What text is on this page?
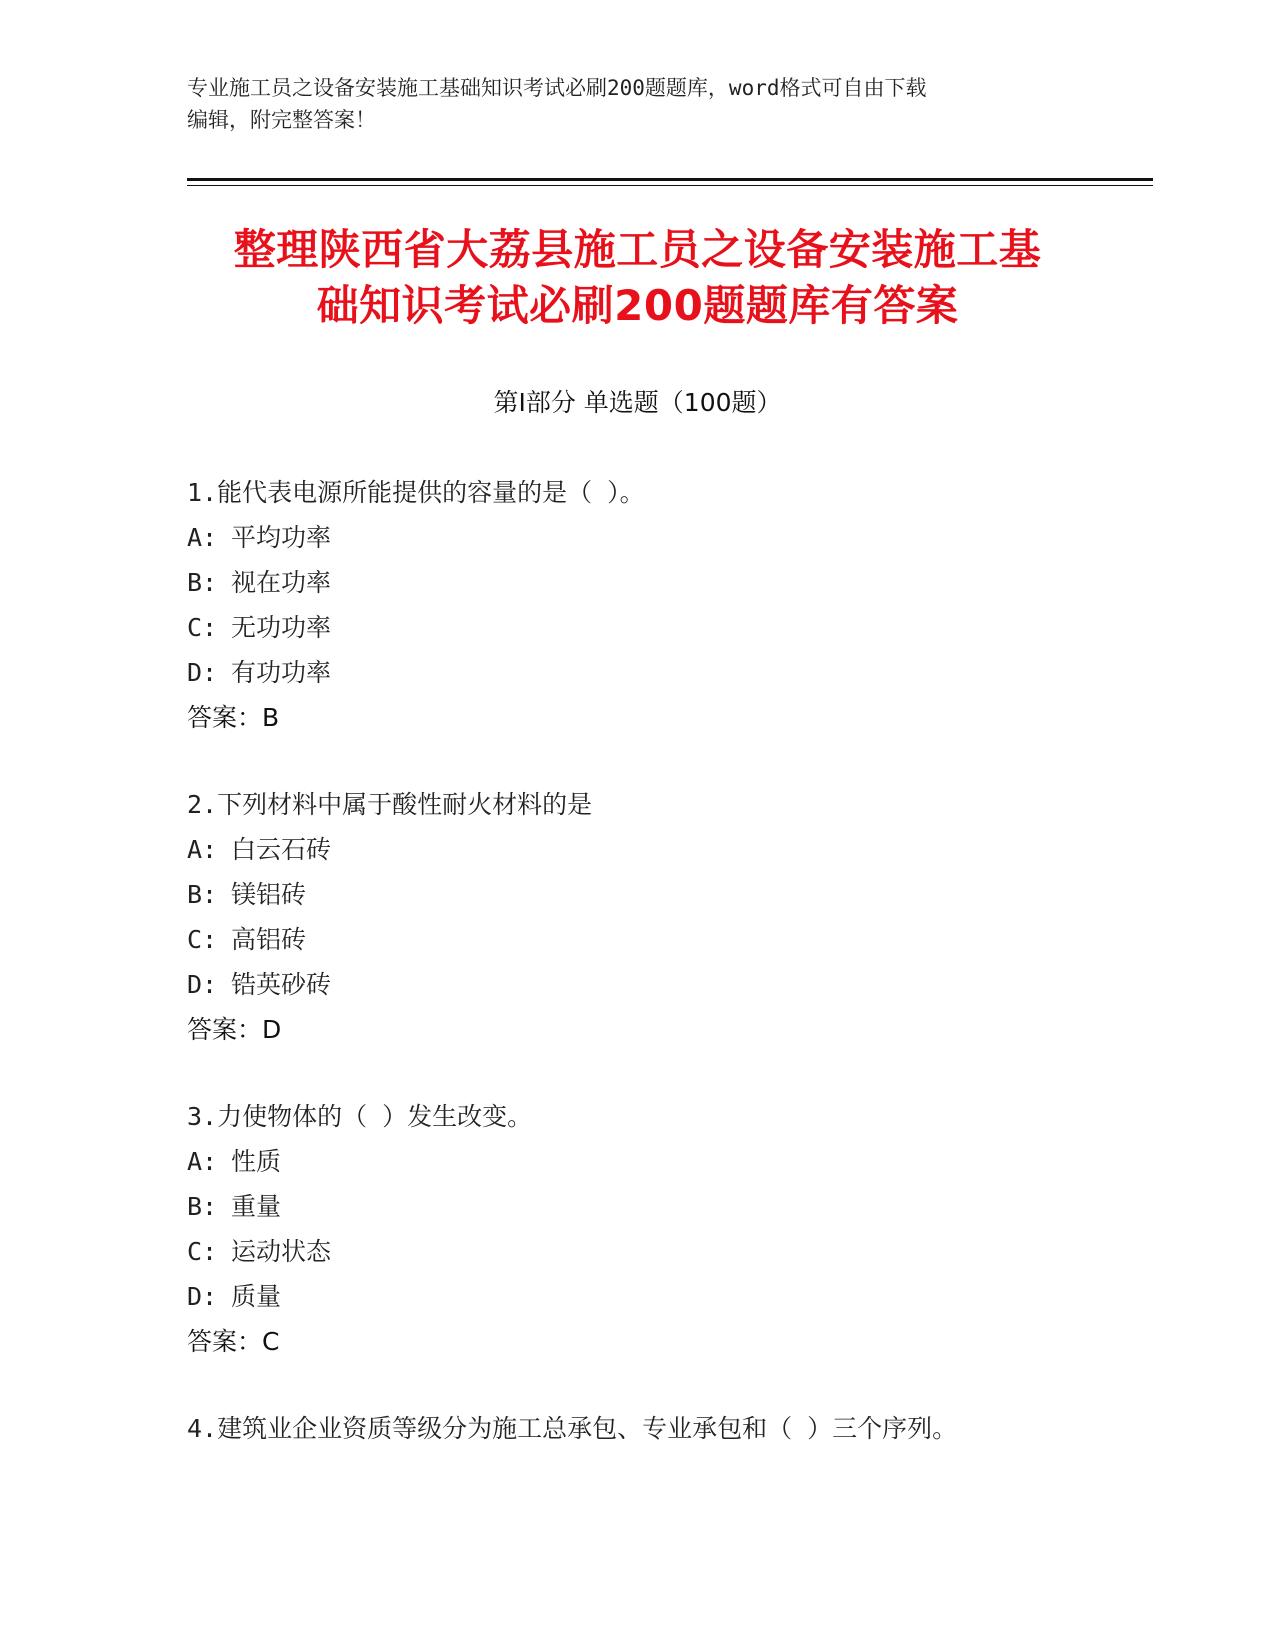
专业施工员之设备安装施工基础知识考试必刷200题题库，word格式可自由下载
编辑，附完整答案！
整理陕西省大荔县施工员之设备安装施工基
础知识考试必刷200题题库有答案
第Ⅰ部分 单选题（100题）
1.能代表电源所能提供的容量的是（ ）。
A: 平均功率
B: 视在功率
C: 无功功率
D: 有功功率
答案：B
2.下列材料中属于酸性耐火材料的是
A: 白云石砖
B: 镁铝砖
C: 高铝砖
D: 锆英砂砖
答案：D
3.力使物体的（ ）发生改变。
A: 性质
B: 重量
C: 运动状态
D: 质量
答案：C
4.建筑业企业资质等级分为施工总承包、专业承包和（ ）三个序列。
